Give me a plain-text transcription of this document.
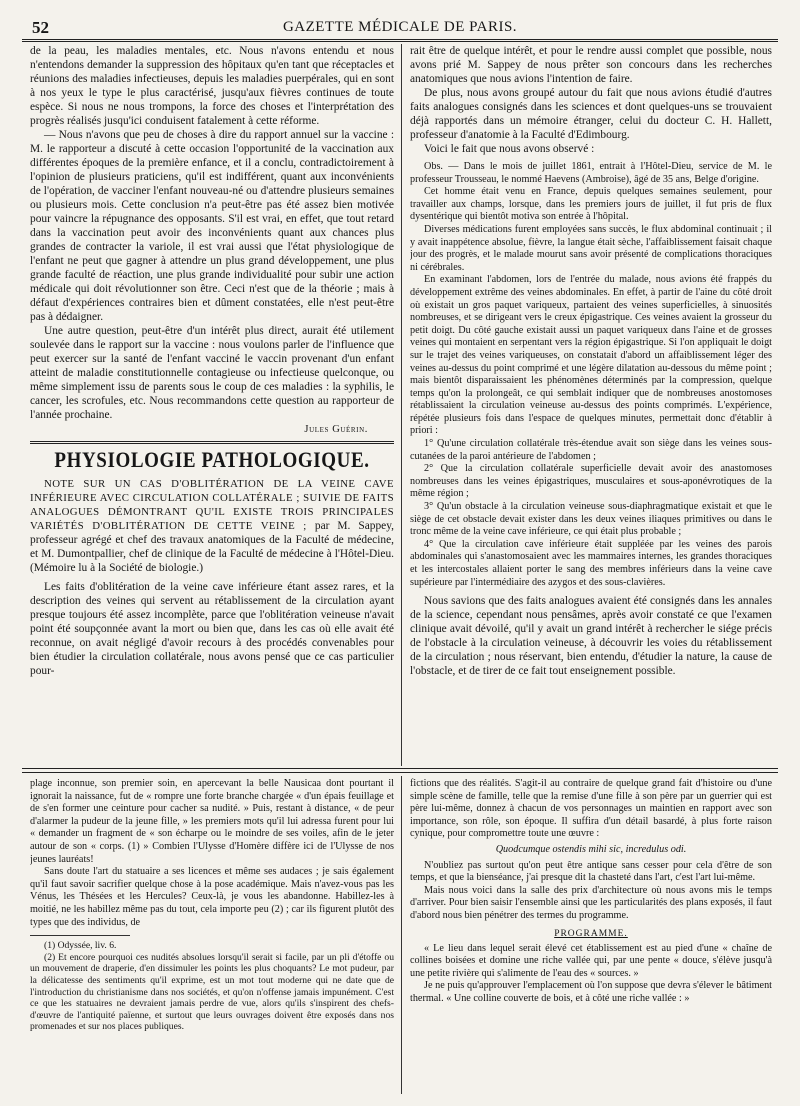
52	GAZETTE MÉDICALE DE PARIS.

de la peau, les maladies mentales, etc. Nous n'avons entendu et nous n'entendons demander la suppression des hôpitaux qu'en tant que réceptacles et réunions des maladies infectieuses, depuis les maladies puerpérales, qui en sont à nos yeux le type le plus caractérisé, jusqu'aux fièvres continues de toute espèce. Si nous ne nous trompons, la force des choses et l'interprétation des progrès réalisés jusqu'ici conduisent fatalement à cette réforme.

— Nous n'avons que peu de choses à dire du rapport annuel sur la vaccine : M. le rapporteur a discuté à cette occasion l'opportunité de la vaccination aux différentes époques de la première enfance, et il a conclu, contradictoirement à l'opinion de plusieurs praticiens, qu'il est indifférent, quant aux inconvénients de l'opération, de vacciner l'enfant nouveau-né ou d'attendre plusieurs semaines ou plusieurs mois. Cette conclusion n'a peut-être pas été assez bien motivée pour vaincre la répugnance des opposants. S'il est vrai, en effet, que tout retard dans la vaccination peut avoir des inconvénients quant aux chances plus grandes de contracter la variole, il est vrai aussi que l'état physiologique de l'enfant ne peut que gagner à attendre un plus grand développement, une plus grande faculté de réaction, une plus grande individualité pour subir une action médicale qui doit révolutionner son être. Ceci n'est que de la théorie ; mais à défaut d'expériences contraires bien et dûment constatées, elle n'est peut-être pas à dédaigner.

Une autre question, peut-être d'un intérêt plus direct, aurait été utilement soulevée dans le rapport sur la vaccine : nous voulons parler de l'influence que peut exercer sur la santé de l'enfant vacciné le vaccin provenant d'un enfant atteint de maladie constitutionnelle contagieuse ou infectieuse quelconque, ou même simplement issu de parents sous le coup de ces maladies : la syphilis, le cancer, les scrofules, etc. Nous recommandons cette question au rapporteur de l'année prochaine.

Jules Guérin.
PHYSIOLOGIE PATHOLOGIQUE.

NOTE SUR UN CAS D'OBLITÉRATION DE LA VEINE CAVE INFÉRIEURE AVEC CIRCULATION COLLATÉRALE ; SUIVIE DE FAITS ANALOGUES DÉMONTRANT QU'IL EXISTE TROIS PRINCIPALES VARIÉTÉS D'OBLITÉRATION DE CETTE VEINE ; par M. Sappey, professeur agrégé et chef des travaux anatomiques de la Faculté de médecine, et M. Dumontpallier, chef de clinique de la Faculté de médecine à l'Hôtel-Dieu. (Mémoire lu à la Société de biologie.)

Les faits d'oblitération de la veine cave inférieure étant assez rares, et la description des veines qui servent au rétablissement de la circulation ayant presque toujours été assez incomplète, parce que l'oblitération veineuse n'avait point été soupçonnée avant la mort ou bien que, dans les cas où elle avait été reconnue, on avait négligé d'avoir recours à des procédés convenables pour bien étudier la circulation collatérale, nous avons pensé que ce cas particulier pour-

rait être de quelque intérêt, et pour le rendre aussi complet que possible, nous avons prié M. Sappey de nous prêter son concours dans les recherches anatomiques que nous avions l'intention de faire.

De plus, nous avons groupé autour du fait que nous avions étudié d'autres faits analogues consignés dans les sciences et dont quelques-uns se trouvaient déjà rapportés dans un mémoire étranger, celui du docteur C. H. Hallett, professeur d'anatomie à la Faculté d'Edimbourg.

Voici le fait que nous avons observé :

Obs. — Dans le mois de juillet 1861, entrait à l'Hôtel-Dieu, service de M. le professeur Trousseau, le nommé Haevens (Ambroise), âgé de 35 ans, Belge d'origine.

Cet homme était venu en France, depuis quelques semaines seulement, pour travailler aux champs, lorsque, dans les premiers jours de juillet, il fut pris de flux dysentérique qui bientôt motiva son entrée à l'hôpital.

Diverses médications furent employées sans succès, le flux abdominal continuait ; il y avait inappétence absolue, fièvre, la langue était sèche, l'affaiblissement faisait chaque jour des progrès, et le malade mourut sans avoir présenté de complications thoraciques ni cérébrales.

En examinant l'abdomen, lors de l'entrée du malade, nous avions été frappés du développement extrême des veines abdominales. En effet, à partir de l'aine du côté droit où existait un gros paquet variqueux, partaient des veines superficielles, à sinuosités nombreuses, et se dirigeant vers le creux épigastrique. Ces veines avaient la grosseur du petit doigt. Du côté gauche existait aussi un paquet variqueux dans l'aine et de grosses veines qui montaient en serpentant vers la région épigastrique. Si l'on appliquait le doigt sur le trajet des veines variqueuses, on constatait d'abord un affaiblissement léger des veines au-dessus du point comprimé et une légère dilatation au-dessous du même point ; mais bientôt disparaissaient les phénomènes déterminés par la compression, quelque temps qu'on la prolongeât, ce qui semblait indiquer que de nombreuses anostomoses rétablissaient la circulation veineuse au-dessus des points comprimés. L'expérience, répétée plusieurs fois dans l'espace de quelques minutes, permettait donc d'établir à priori :

1° Qu'une circulation collatérale très-étendue avait son siège dans les veines sous-cutanées de la paroi antérieure de l'abdomen ;

2° Que la circulation collatérale superficielle devait avoir des anastomoses nombreuses dans les veines épigastriques, musculaires et sous-aponévrotiques de la même région ;

3° Qu'un obstacle à la circulation veineuse sous-diaphragmatique existait et que le siège de cet obstacle devait exister dans les deux veines iliaques primitives ou dans le tronc même de la veine cave inférieure, ce qui était plus probable ;

4° Que la circulation cave inférieure était suppléée par les veines des parois abdominales qui s'anastomosaient avec les mammaires internes, les grandes thoraciques et les intercostales allaient porter le sang des membres inférieurs dans la veine cave supérieure par l'intermédiaire des azygos et des sous-clavières.

Nous savions que des faits analogues avaient été consignés dans les annales de la science, cependant nous pensâmes, après avoir constaté ce que l'examen clinique avait dévoilé, qu'il y avait un grand intérêt à rechercher le siége précis de l'obstacle à la circulation veineuse, à découvrir les voies du rétablissement de la circulation ; nous réservant, bien entendu, d'étudier la nature, la cause de l'obstacle, et de tirer de ce fait tout enseignement possible.

plage inconnue, son premier soin, en apercevant la belle Nausicaa dont pourtant il ignorait la naissance, fut de « rompre une forte branche chargée « d'un épais feuillage et de s'en former une ceinture pour cacher sa nudité. » Puis, restant à distance, « de peur d'alarmer la pudeur de la jeune fille, » les premiers mots qu'il lui adressa furent pour lui « demander un fragment de « son écharpe ou le moindre de ses voiles, afin de le jeter autour de son « corps. (1) » Combien l'Ulysse d'Homère diffère ici de l'Ulysse de nos jeunes lauréats!

Sans doute l'art du statuaire a ses licences et même ses audaces ; je sais également qu'il faut savoir sacrifier quelque chose à la pose académique. Mais n'avez-vous pas les Vénus, les Thésées et les Hercules? Ceux-là, je vous les abandonne. Habillez-les à moitié, ne les habillez même pas du tout, cela importe peu (2) ; car ils figurent plutôt des types que des individus, de

(1) Odyssée, liv. 6.

(2) Et encore pourquoi ces nudités absolues lorsqu'il serait si facile, par un pli d'étoffe ou un mouvement de draperie, d'en dissimuler les points les plus choquants? Le mot pudeur, par la délicatesse des sentiments qu'il exprime, est un mot tout moderne qui ne date que de l'introduction du christianisme dans nos sociétés, et qu'on n'offense jamais impunément. C'est ce que les statuaires ne devraient jamais perdre de vue, alors qu'ils s'inspirent des chefs-d'œuvre de l'antiquité païenne, et surtout que leurs ouvrages doivent être exposés dans nos promenades et sur nos places publiques.

fictions que des réalités. S'agit-il au contraire de quelque grand fait d'histoire ou d'une simple scène de famille, telle que la remise d'une fille à son père par un guerrier qui est père lui-même, donnez à chacun de vos personnages un maintien en rapport avec son importance, son rôle, son époque. Il suffira d'un détail basardé, à plus forte raison cynique, pour compromettre toute une œuvre :

Quodcumque ostendis mihi sic, incredulus odi.

N'oubliez pas surtout qu'on peut être antique sans cesser pour cela d'être de son temps, et que la bienséance, j'ai presque dit la chasteté dans l'art, c'est l'art lui-même.

Mais nous voici dans la salle des prix d'architecture où nous avons mis le temps d'arriver. Pour bien saisir l'ensemble ainsi que les particularités des plans exposés, il faut d'abord nous bien pénétrer des termes du programme.

PROGRAMME.

« Le lieu dans lequel serait élevé cet établissement est au pied d'une « chaîne de collines boisées et domine une riche vallée qui, par une pente « douce, s'élève jusqu'à une petite rivière qui s'alimente de l'eau des « sources. »

Je ne puis qu'approuver l'emplacement où l'on suppose que devra s'élever le bâtiment thermal. « Une colline couverte de bois, et à côté une riche vallée : »
